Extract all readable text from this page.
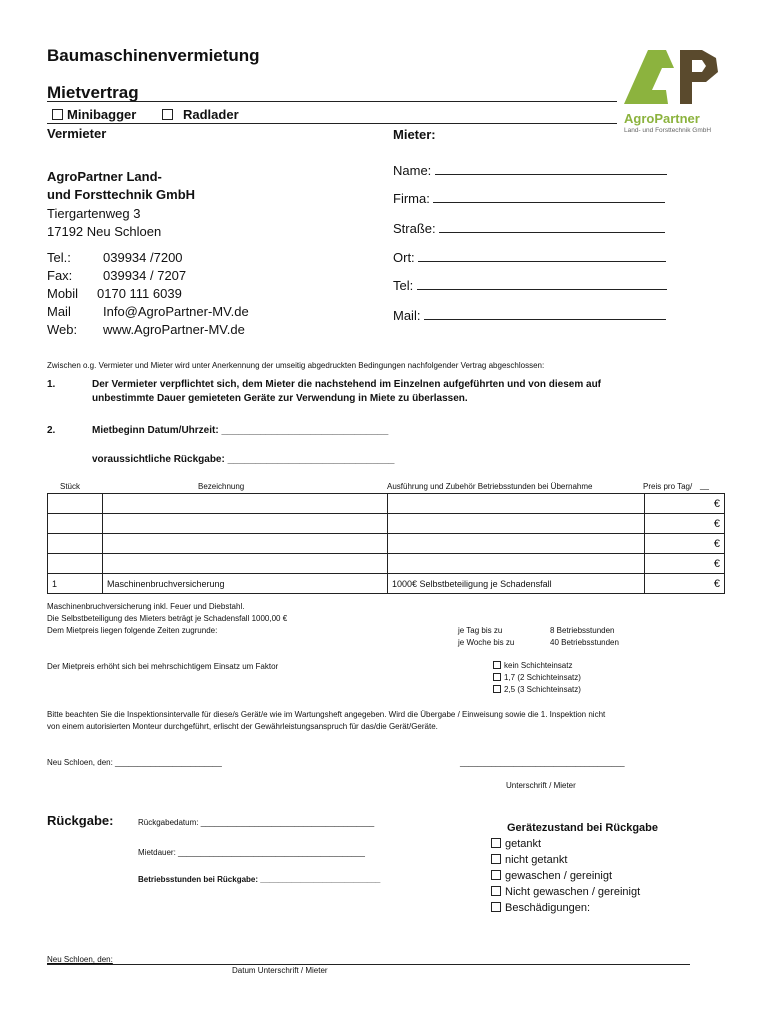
Baumaschinenvermietung
Mietvertrag
Minibagger	Radlader
Vermieter	Mieter:
AgroPartner
Land- und Forsttechnik GmbH
AgroPartner Land-
und Forsttechnik GmbH
Tiergartenweg 3
17192 Neu Schloen
Tel.: 039934 /7200
Fax: 039934 / 7207
Mobil 0170 111 6039
Mail Info@AgroPartner-MV.de
Web: www.AgroPartner-MV.de
Name:
Firma:
Straße:
Ort:
Tel:
Mail:
Zwischen o.g. Vermieter und Mieter wird unter Anerkennung der umseitig abgedruckten Bedingungen nachfolgender Vertrag abgeschlossen:
1.	Der Vermieter verpflichtet sich, dem Mieter die nachstehend im Einzelnen aufgeführten und von diesem auf
unbestimmte Dauer gemieteten Geräte zur Verwendung in Miete zu überlassen.
2.	Mietbeginn Datum/Uhrzeit: ______________________________
voraussichtliche Rückgabe: ______________________________
Stück	Bezeichnung	Ausführung und Zubehör Betriebsstunden bei Übernahme	Preis pro Tag/ __
			€
			€
			€
			€
1	Maschinenbruchversicherung	1000€ Selbstbeteiligung je Schadensfall	€
Maschinenbruchversicherung inkl. Feuer und Diebstahl.
Die Selbstbeteiligung des Mieters beträgt je Schadensfall 1000,00 €
Dem Mietpreis liegen folgende Zeiten zugrunde:	je Tag bis zu	8 Betriebsstunden
je Woche bis zu	40 Betriebsstunden
Der Mietpreis erhöht sich bei mehrschichtigem Einsatz um Faktor	kein Schichteinsatz
1,7 (2 Schichteinsatz)
2,5 (3 Schichteinsatz)
Bitte beachten Sie die Inspektionsintervalle für diese/s Gerät/e wie im Wartungsheft angegeben. Wird die Übergabe / Einweisung sowie die 1. Inspektion nicht
von einem autorisierten Monteur durchgeführt, erlischt der Gewährleistungsanspruch für das/die Gerät/Geräte.
Neu Schloen, den: ________________________	_____________________________________
Unterschrift / Mieter
Rückgabe:	Rückgabedatum: _______________________________________
Mietdauer: __________________________________________
Betriebsstunden bei Rückgabe: ___________________________
Gerätezustand bei Rückgabe
getankt
nicht getankt
gewaschen / gereinigt
Nicht gewaschen / gereinigt
Beschädigungen:
Neu Schloen, den:
Datum Unterschrift / Mieter
